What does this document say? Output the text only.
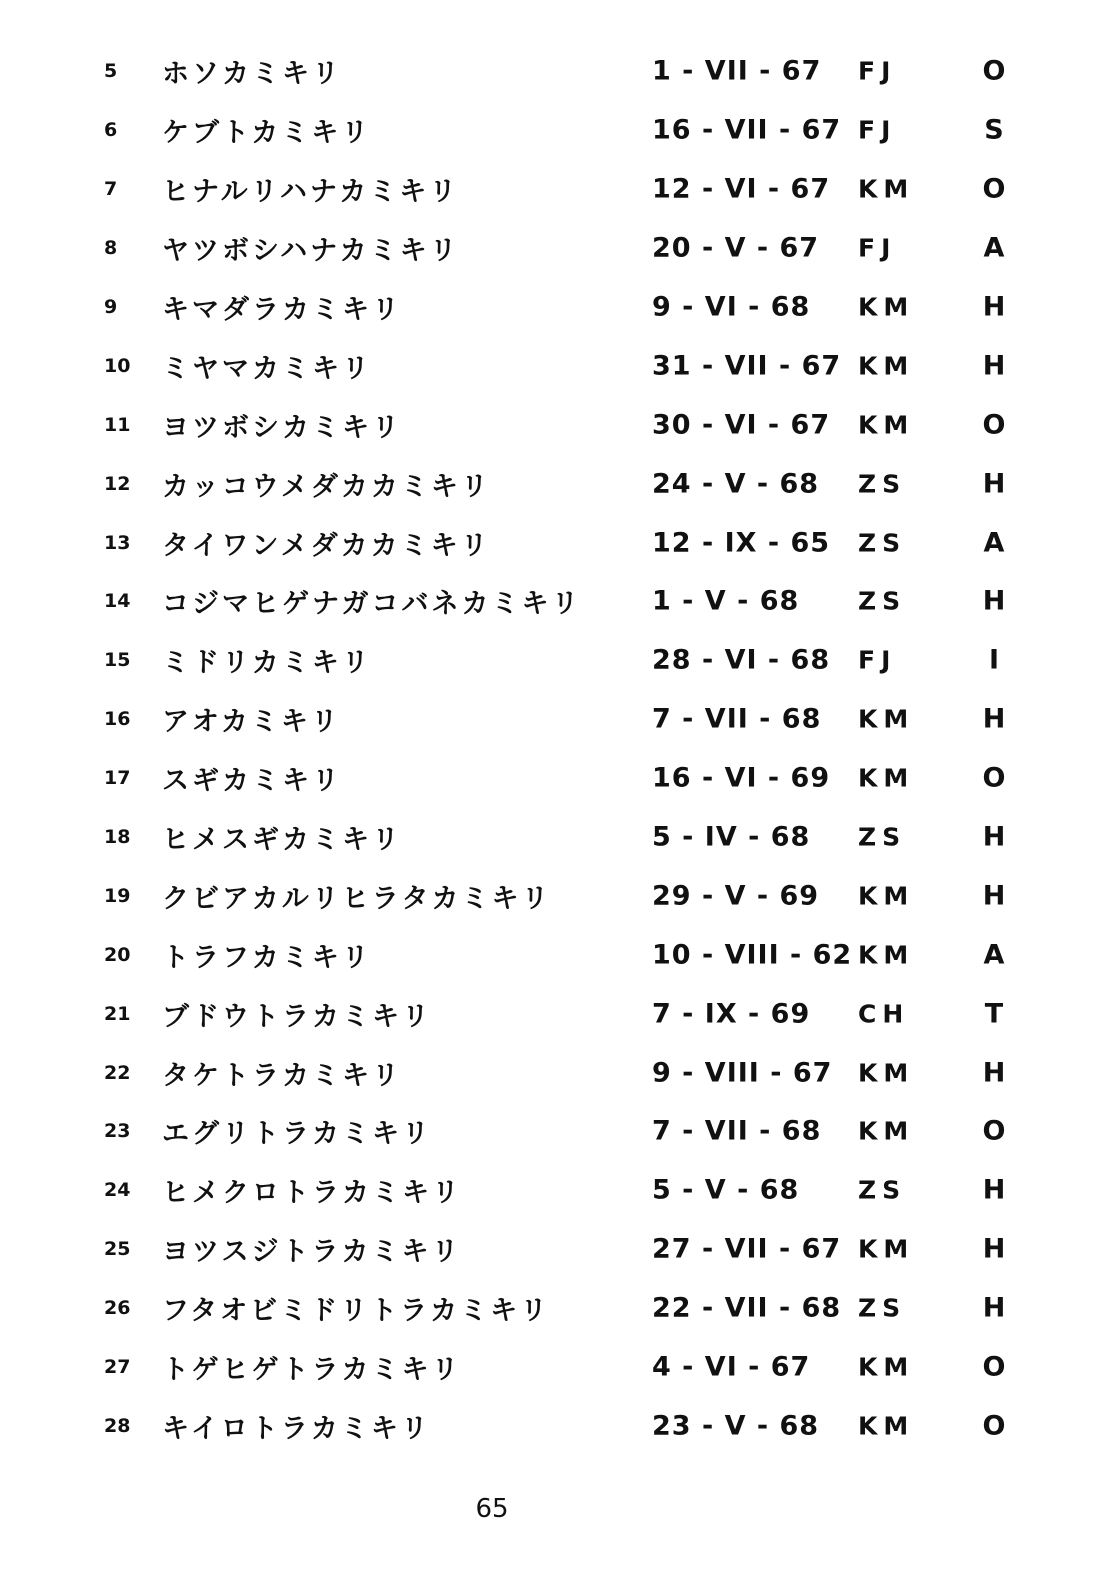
5	ホソカミキリ	1 - VII - 67 FJ	O
6	ケブトカミキリ	16 - VII - 67 FJ	S
7	ヒナルリハナカミキリ	12 - VI - 67 KM	O
8	ヤツボシハナカミキリ	20 - V - 67 FJ	A
9	キマダラカミキリ	9 - VI - 68 KM	H
10	ミヤマカミキリ	31 - VII - 67 KM	H
11	ヨツボシカミキリ	30 - VI - 67 KM	O
12	カッコウメダカカミキリ	24 - V - 68 ZS	H
13	タイワンメダカカミキリ	12 - IX - 65 ZS	A
14	コジマヒゲナガコバネカミキリ	1 - V - 68	ZS	H
15	ミドリカミキリ	28 - VI - 68 FJ	I
16	アオカミキリ	7 - VII - 68 KM	H
17	スギカミキリ	16 - VI - 69 KM	O
18	ヒメスギカミキリ	5 - IV - 68 ZS	H
19	クビアカルリヒラタカミキリ	29 - V - 69 KM	H
20	トラフカミキリ	10 - VIII - 62 KM	A
21	ブドウトラカミキリ	7 - IX - 69 CH	T
22	タケトラカミキリ	9 - VIII - 67 KM	H
23	エグリトラカミキリ	7 - VII - 68 KM	O
24	ヒメクロトラカミキリ	5 - V - 68	ZS	H
25	ヨツスジトラカミキリ	27 - VII - 67 KM	H
26	フタオビミドリトラカミキリ	22 - VII - 68 ZS	H
27	トゲヒゲトラカミキリ	4 - VI - 67 KM	O
28	キイロトラカミキリ	23 - V - 68 KM	O
65
